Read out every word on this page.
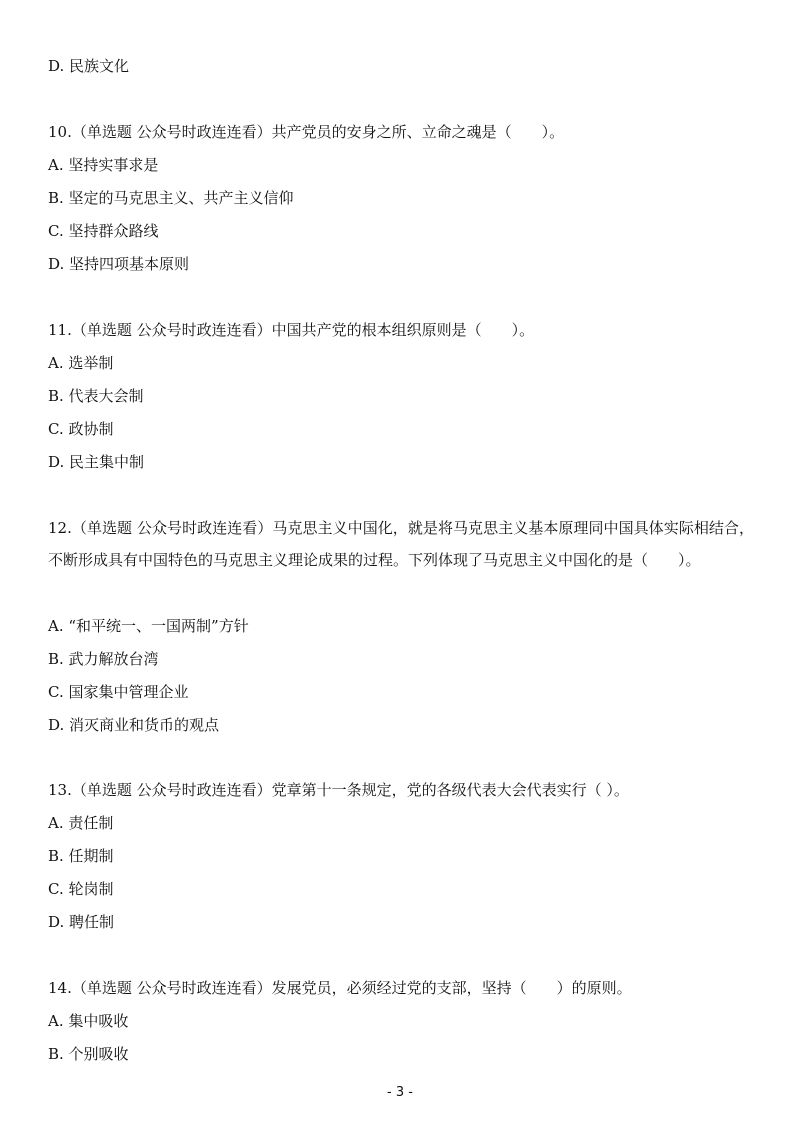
D. 民族文化
10.（单选题 公众号时政连连看）共产党员的安身之所、立命之魂是（　　）。
A. 坚持实事求是
B. 坚定的马克思主义、共产主义信仰
C. 坚持群众路线
D. 坚持四项基本原则
11.（单选题 公众号时政连连看）中国共产党的根本组织原则是（　　）。
A. 选举制
B. 代表大会制
C. 政协制
D. 民主集中制
12.（单选题 公众号时政连连看）马克思主义中国化，就是将马克思主义基本原理同中国具体实际相结合，不断形成具有中国特色的马克思主义理论成果的过程。下列体现了马克思主义中国化的是（　　）。
A. “和平统一、一国两制”方针
B. 武力解放台湾
C. 国家集中管理企业
D. 消灭商业和货币的观点
13.（单选题 公众号时政连连看）党章第十一条规定，党的各级代表大会代表实行（ ）。
A. 责任制
B. 任期制
C. 轮岗制
D. 聘任制
14.（单选题 公众号时政连连看）发展党员，必须经过党的支部，坚持（　　）的原则。
A. 集中吸收
B. 个别吸收
- 3 -
